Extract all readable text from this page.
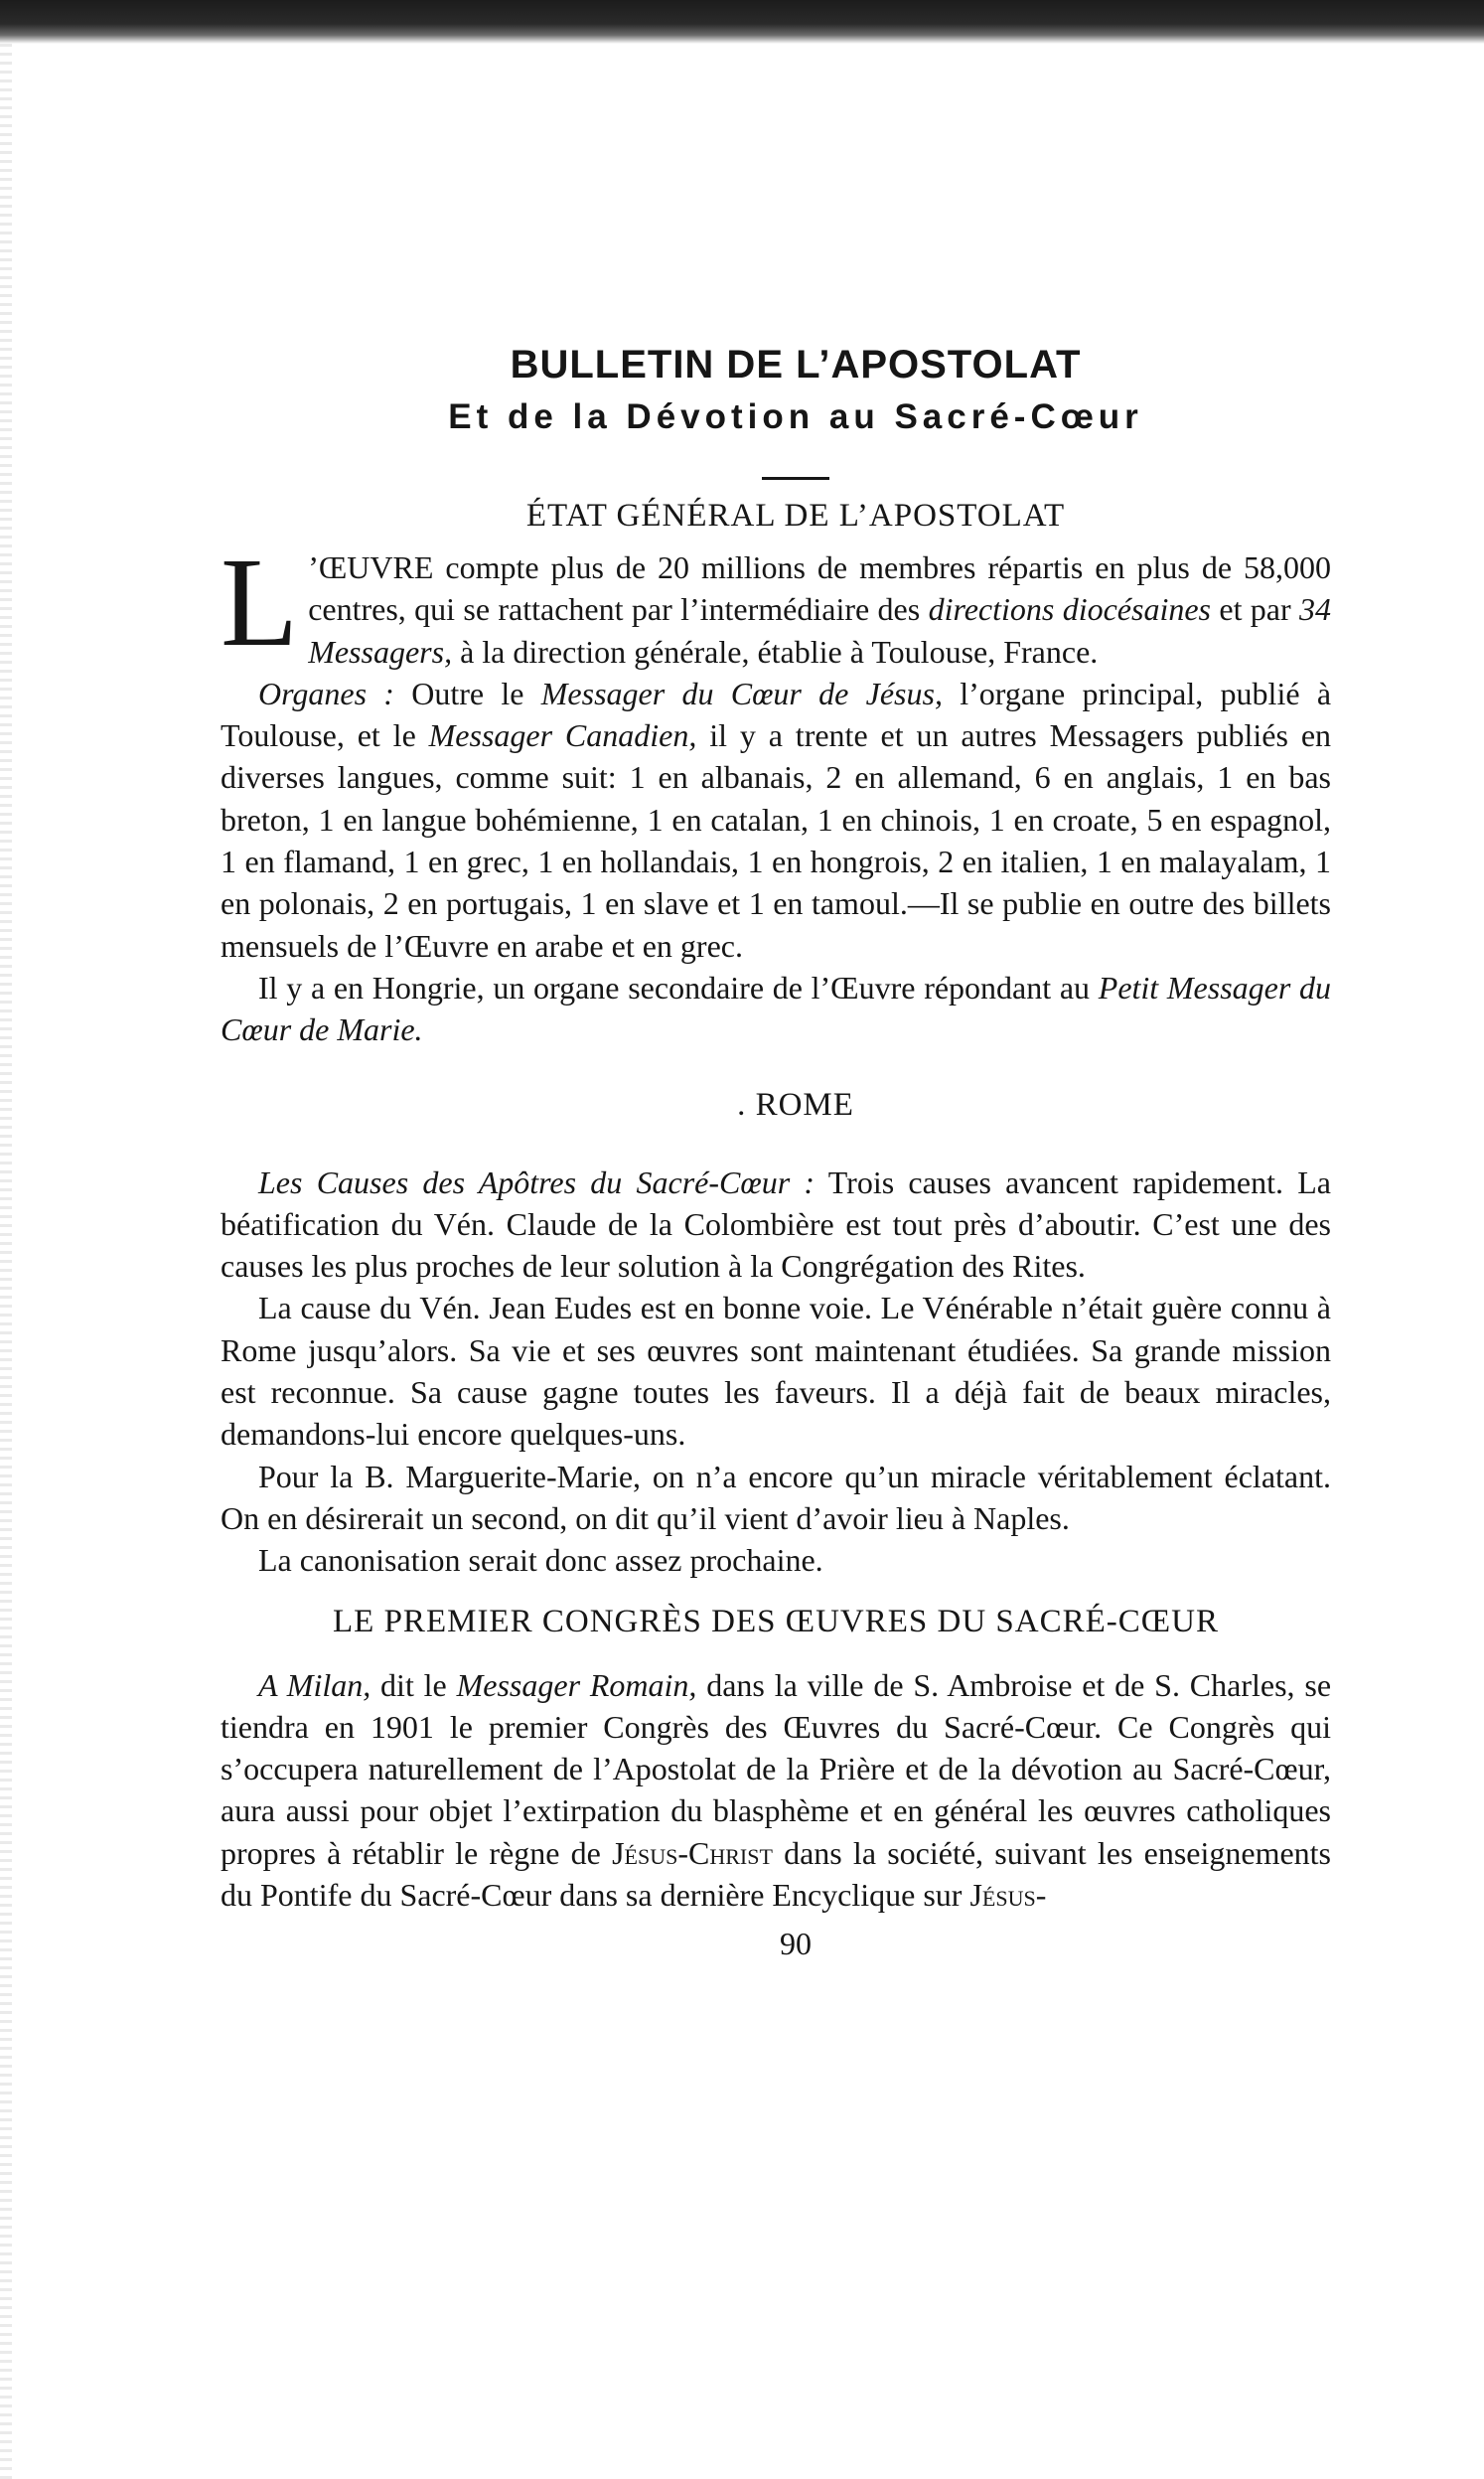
BULLETIN DE L’APOSTOLAT
Et de la Dévotion au Sacré-Cœur
ÉTAT GÉNÉRAL DE L’APOSTOLAT

L ’ŒUVRE compte plus de 20 millions de membres répartis en plus de 58,000 centres, qui se rattachent par l’intermédiaire des directions diocésaines et par 34 Messagers, à la direction générale, établie à Toulouse, France.

Organes : Outre le Messager du Cœur de Jésus, l’organe principal, publié à Toulouse, et le Messager Canadien, il y a trente et un autres Messagers publiés en diverses langues, comme suit: 1 en albanais, 2 en allemand, 6 en anglais, 1 en bas breton, 1 en langue bohémienne, 1 en catalan, 1 en chinois, 1 en croate, 5 en espagnol, 1 en flamand, 1 en grec, 1 en hollandais, 1 en hongrois, 2 en italien, 1 en malayalam, 1 en polonais, 2 en portugais, 1 en slave et 1 en tamoul.—Il se publie en outre des billets mensuels de l’Œuvre en arabe et en grec.

Il y a en Hongrie, un organe secondaire de l’Œuvre répondant au Petit Messager du Cœur de Marie.

. ROME

Les Causes des Apôtres du Sacré-Cœur : Trois causes avancent rapidement. La béatification du Vén. Claude de la Colombière est tout près d’aboutir. C’est une des causes les plus proches de leur solution à la Congrégation des Rites.

La cause du Vén. Jean Eudes est en bonne voie. Le Vénérable n’était guère connu à Rome jusqu’alors. Sa vie et ses œuvres sont maintenant étudiées. Sa grande mission est reconnue. Sa cause gagne toutes les faveurs. Il a déjà fait de beaux miracles, demandons-lui encore quelques-uns.

Pour la B. Marguerite-Marie, on n’a encore qu’un miracle véritablement éclatant. On en désirerait un second, on dit qu’il vient d’avoir lieu à Naples.

La canonisation serait donc assez prochaine.

LE PREMIER CONGRÈS DES ŒUVRES DU SACRÉ-CŒUR

A Milan, dit le Messager Romain, dans la ville de S. Ambroise et de S. Charles, se tiendra en 1901 le premier Congrès des Œuvres du Sacré-Cœur. Ce Congrès qui s’occupera naturellement de l’Apostolat de la Prière et de la dévotion au Sacré-Cœur, aura aussi pour objet l’extirpation du blasphème et en général les œuvres catholiques propres à rétablir le règne de Jésus-Christ dans la société, suivant les enseignements du Pontife du Sacré-Cœur dans sa dernière Encyclique sur Jésus-

90
